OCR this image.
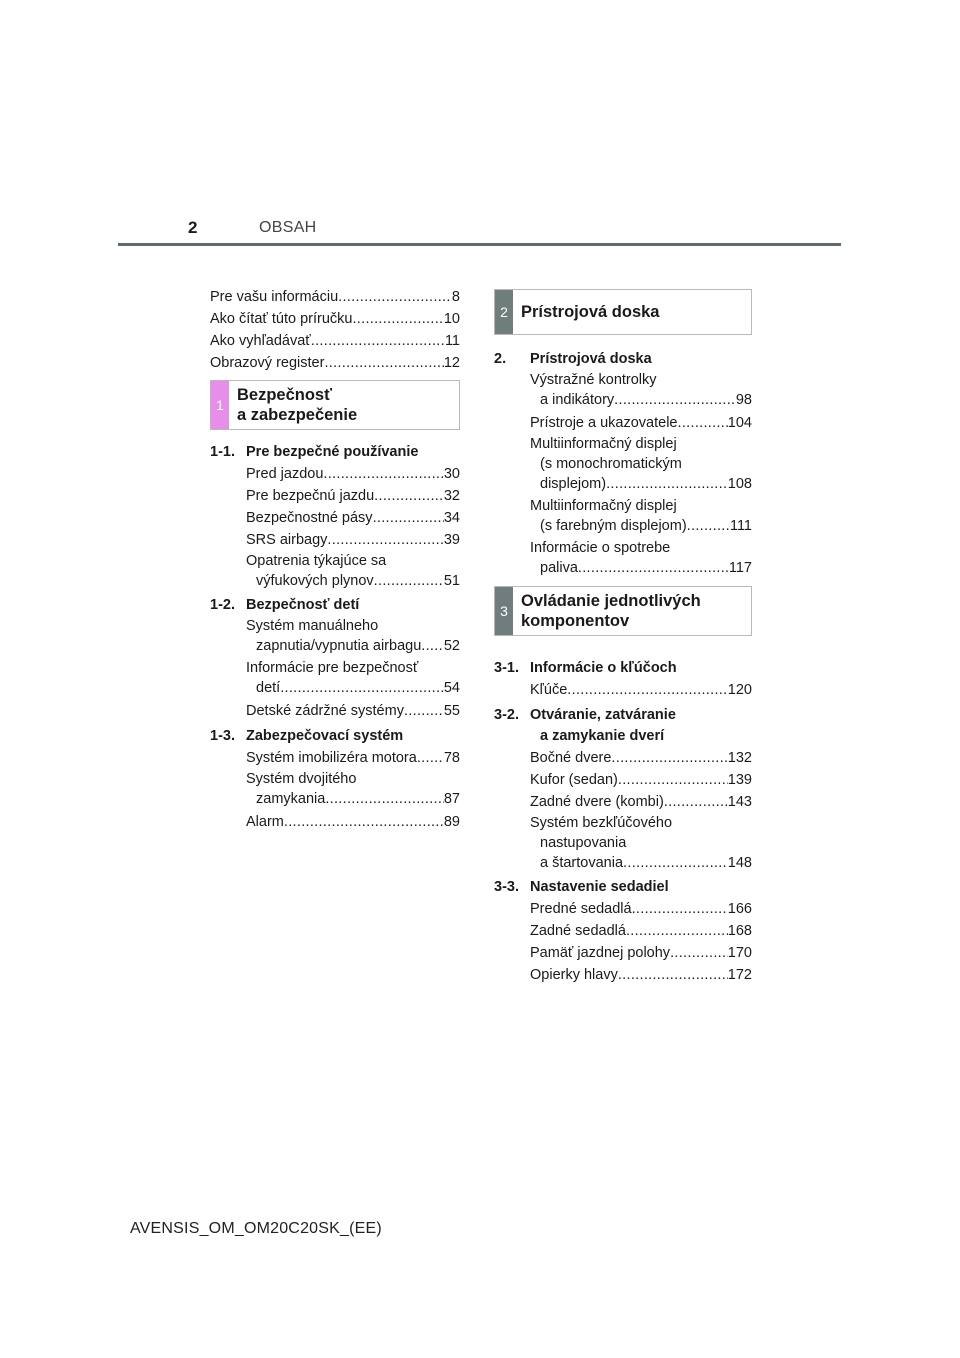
2	OBSAH
Pre vašu informáciu .....	8
Ako čítať túto príručku .....	10
Ako vyhľadávať .....	11
Obrazový register .....	12
1
Bezpečnosť
a zabezpečenie
1-1. Pre bezpečné používanie
Pred jazdou .....	30
Pre bezpečnú jazdu .....	32
Bezpečnostné pásy .....	34
SRS airbagy .....	39
Opatrenia týkajúce sa
výfukových plynov .....	51
1-2. Bezpečnosť detí
Systém manuálneho
zapnutia/vypnutia airbagu ..... 52
Informácie pre bezpečnosť
detí .....	54
Detské zádržné systémy .....	55
1-3. Zabezpečovací systém
Systém imobilizéra motora ..... 78
Systém dvojitého
zamykania .....	87
Alarm .....	89
2 Prístrojová doska
2.	Prístrojová doska
Výstražné kontrolky
a indikátory .....	98
Prístroje a ukazovatele .....	104
Multiinformačný displej
(s monochromatickým
displejom) .....	108
Multiinformačný displej
(s farebným displejom) .....	111
Informácie o spotrebe
paliva .....	117
3
Ovládanie jednotlivých
komponentov
3-1. Informácie o kľúčoch
Kľúče .....	120
3-2. Otváranie, zatváranie
a zamykanie dverí
Bočné dvere .....	132
Kufor (sedan) .....	139
Zadné dvere (kombi) .....	143
Systém bezkľúčového
nastupovania
a štartovania .....	148
3-3. Nastavenie sedadiel
Predné sedadlá .....	166
Zadné sedadlá .....	168
Pamäť jazdnej polohy .....	170
Opierky hlavy .....	172
AVENSIS_OM_OM20C20SK_(EE)
